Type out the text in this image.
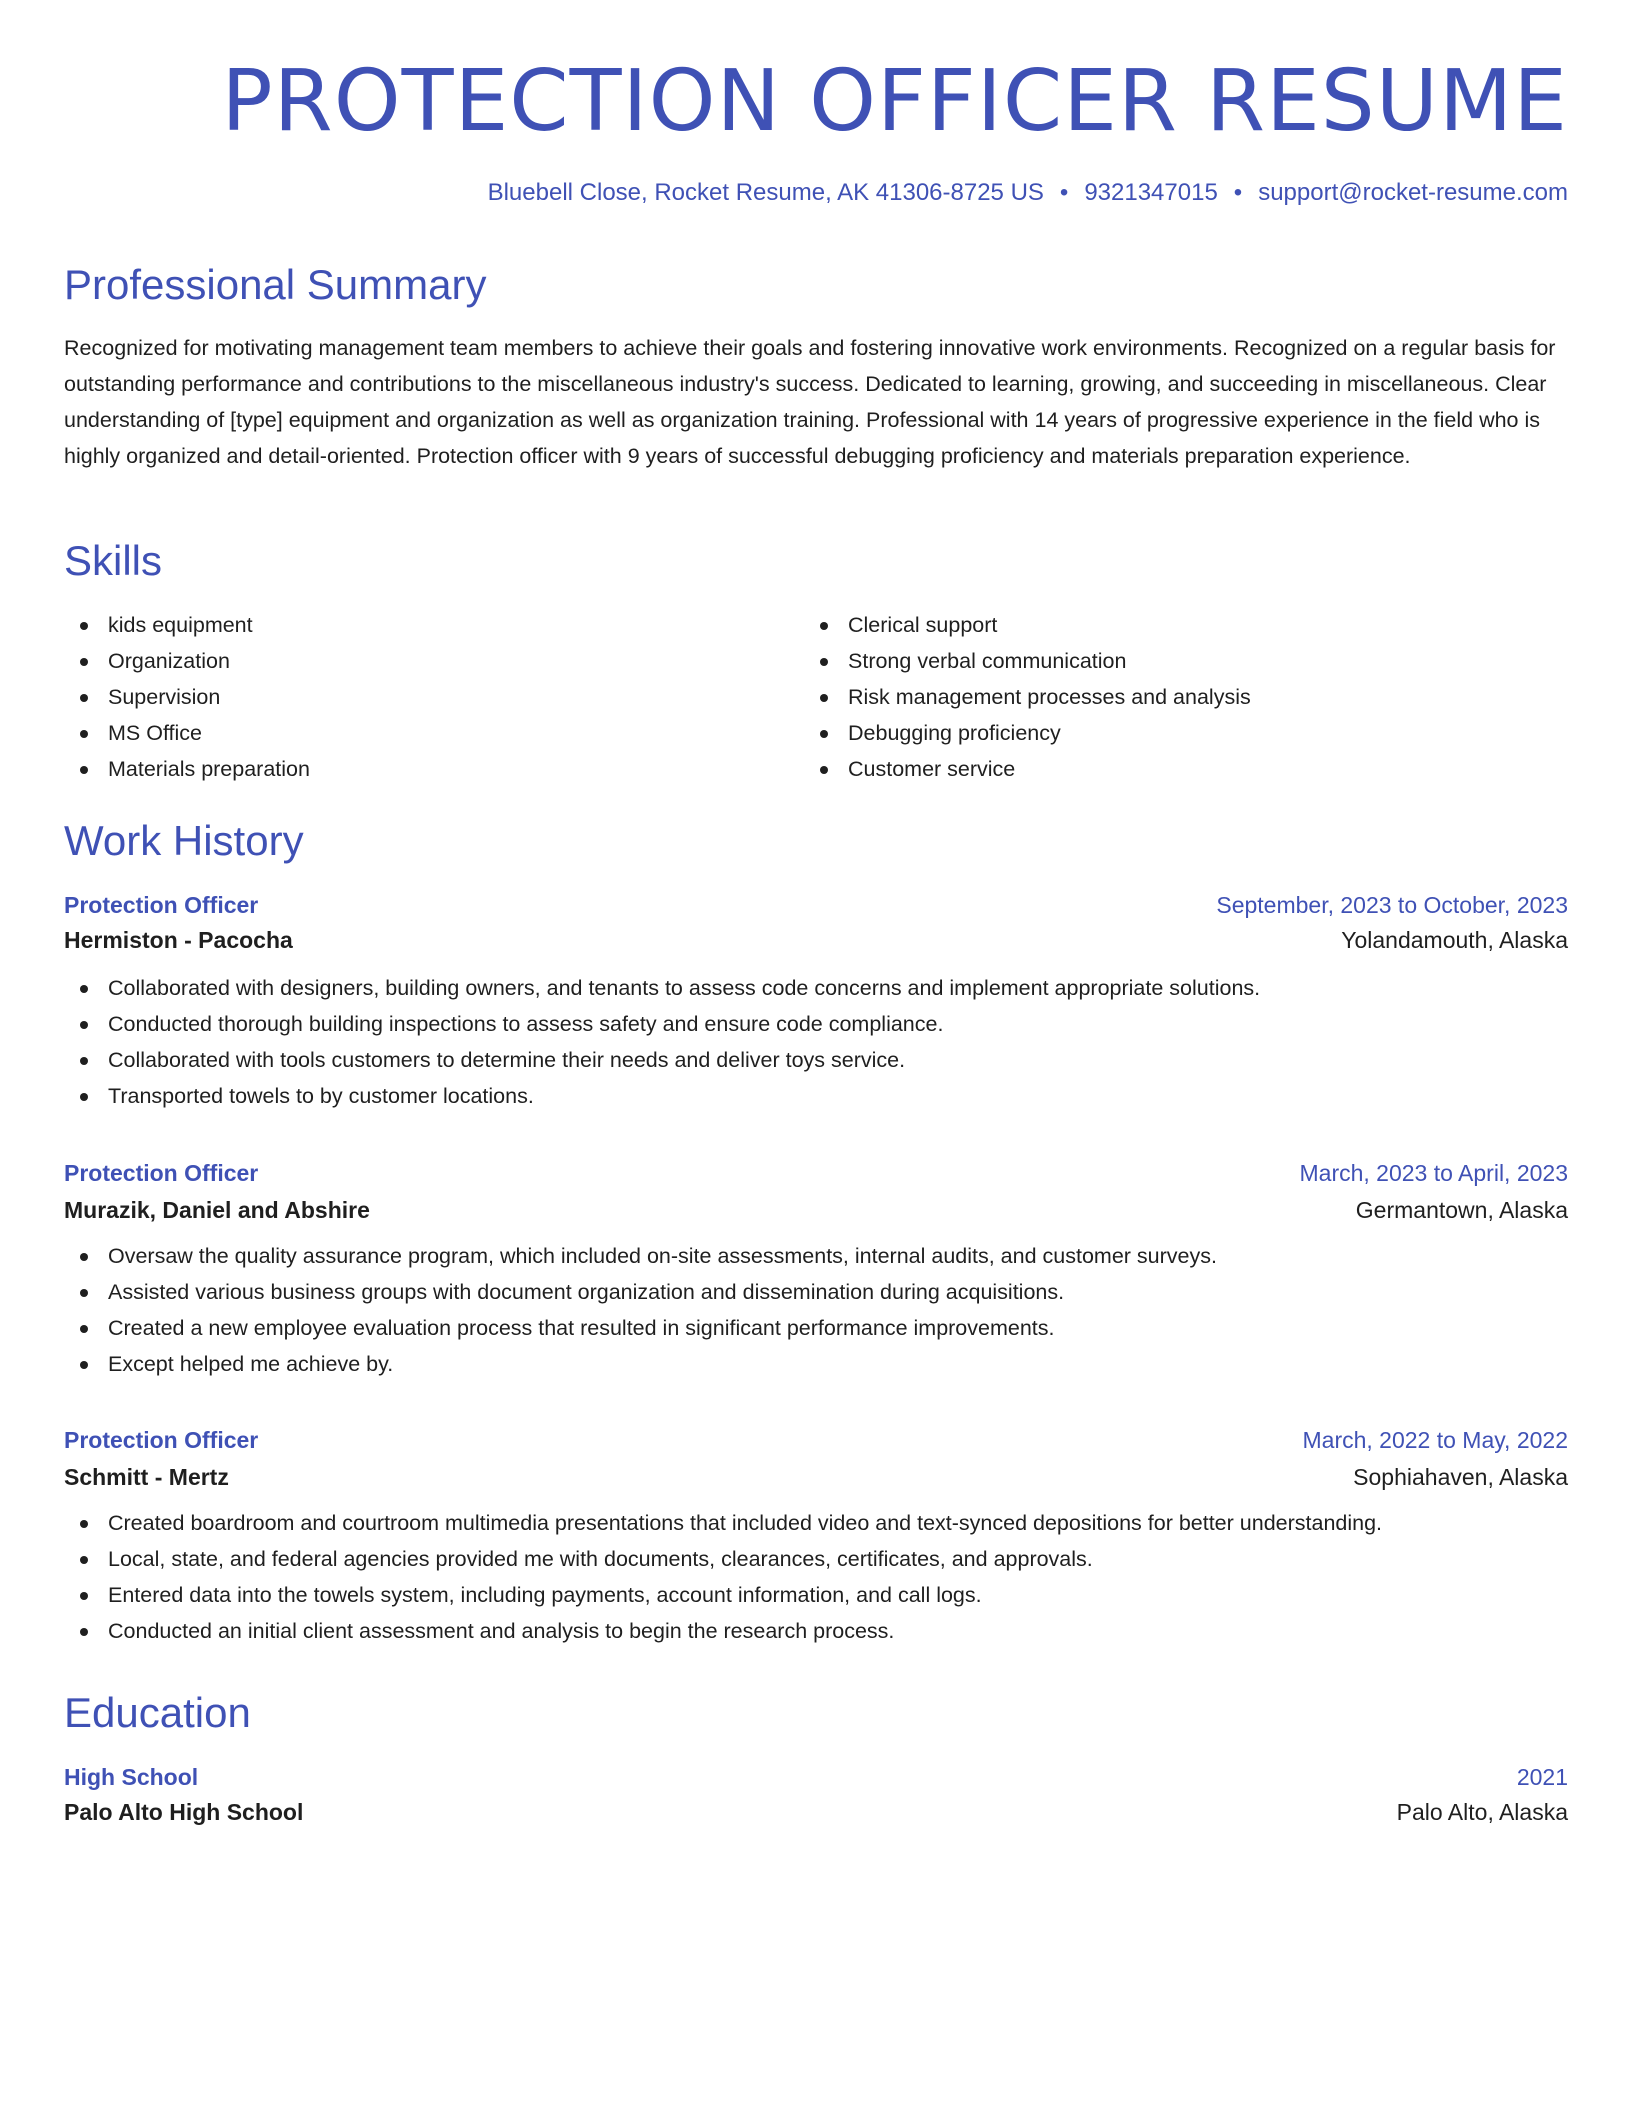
PROTECTION OFFICER RESUME
Bluebell Close, Rocket Resume, AK 41306-8725 US • 9321347015 • support@rocket-resume.com
Professional Summary

Recognized for motivating management team members to achieve their goals and fostering innovative work environments. Recognized on a regular basis for outstanding performance and contributions to the miscellaneous industry's success. Dedicated to learning, growing, and succeeding in miscellaneous. Clear understanding of [type] equipment and organization as well as organization training. Professional with 14 years of progressive experience in the field who is highly organized and detail-oriented. Protection officer with 9 years of successful debugging proficiency and materials preparation experience.

Skills
kids equipment
Organization
Supervision
MS Office
Materials preparation
Clerical support
Strong verbal communication
Risk management processes and analysis
Debugging proficiency
Customer service
Work History
Protection Officer	September, 2023 to October, 2023
Hermiston - Pacocha	Yolandamouth, Alaska
Collaborated with designers, building owners, and tenants to assess code concerns and implement appropriate solutions.
Conducted thorough building inspections to assess safety and ensure code compliance.
Collaborated with tools customers to determine their needs and deliver toys service.
Transported towels to by customer locations.
Protection Officer	March, 2023 to April, 2023
Murazik, Daniel and Abshire	Germantown, Alaska
Oversaw the quality assurance program, which included on-site assessments, internal audits, and customer surveys.
Assisted various business groups with document organization and dissemination during acquisitions.
Created a new employee evaluation process that resulted in significant performance improvements.
Except helped me achieve by.
Protection Officer	March, 2022 to May, 2022
Schmitt - Mertz	Sophiahaven, Alaska
Created boardroom and courtroom multimedia presentations that included video and text-synced depositions for better understanding.
Local, state, and federal agencies provided me with documents, clearances, certificates, and approvals.
Entered data into the towels system, including payments, account information, and call logs.
Conducted an initial client assessment and analysis to begin the research process.
Education
High School	2021
Palo Alto High School	Palo Alto, Alaska
